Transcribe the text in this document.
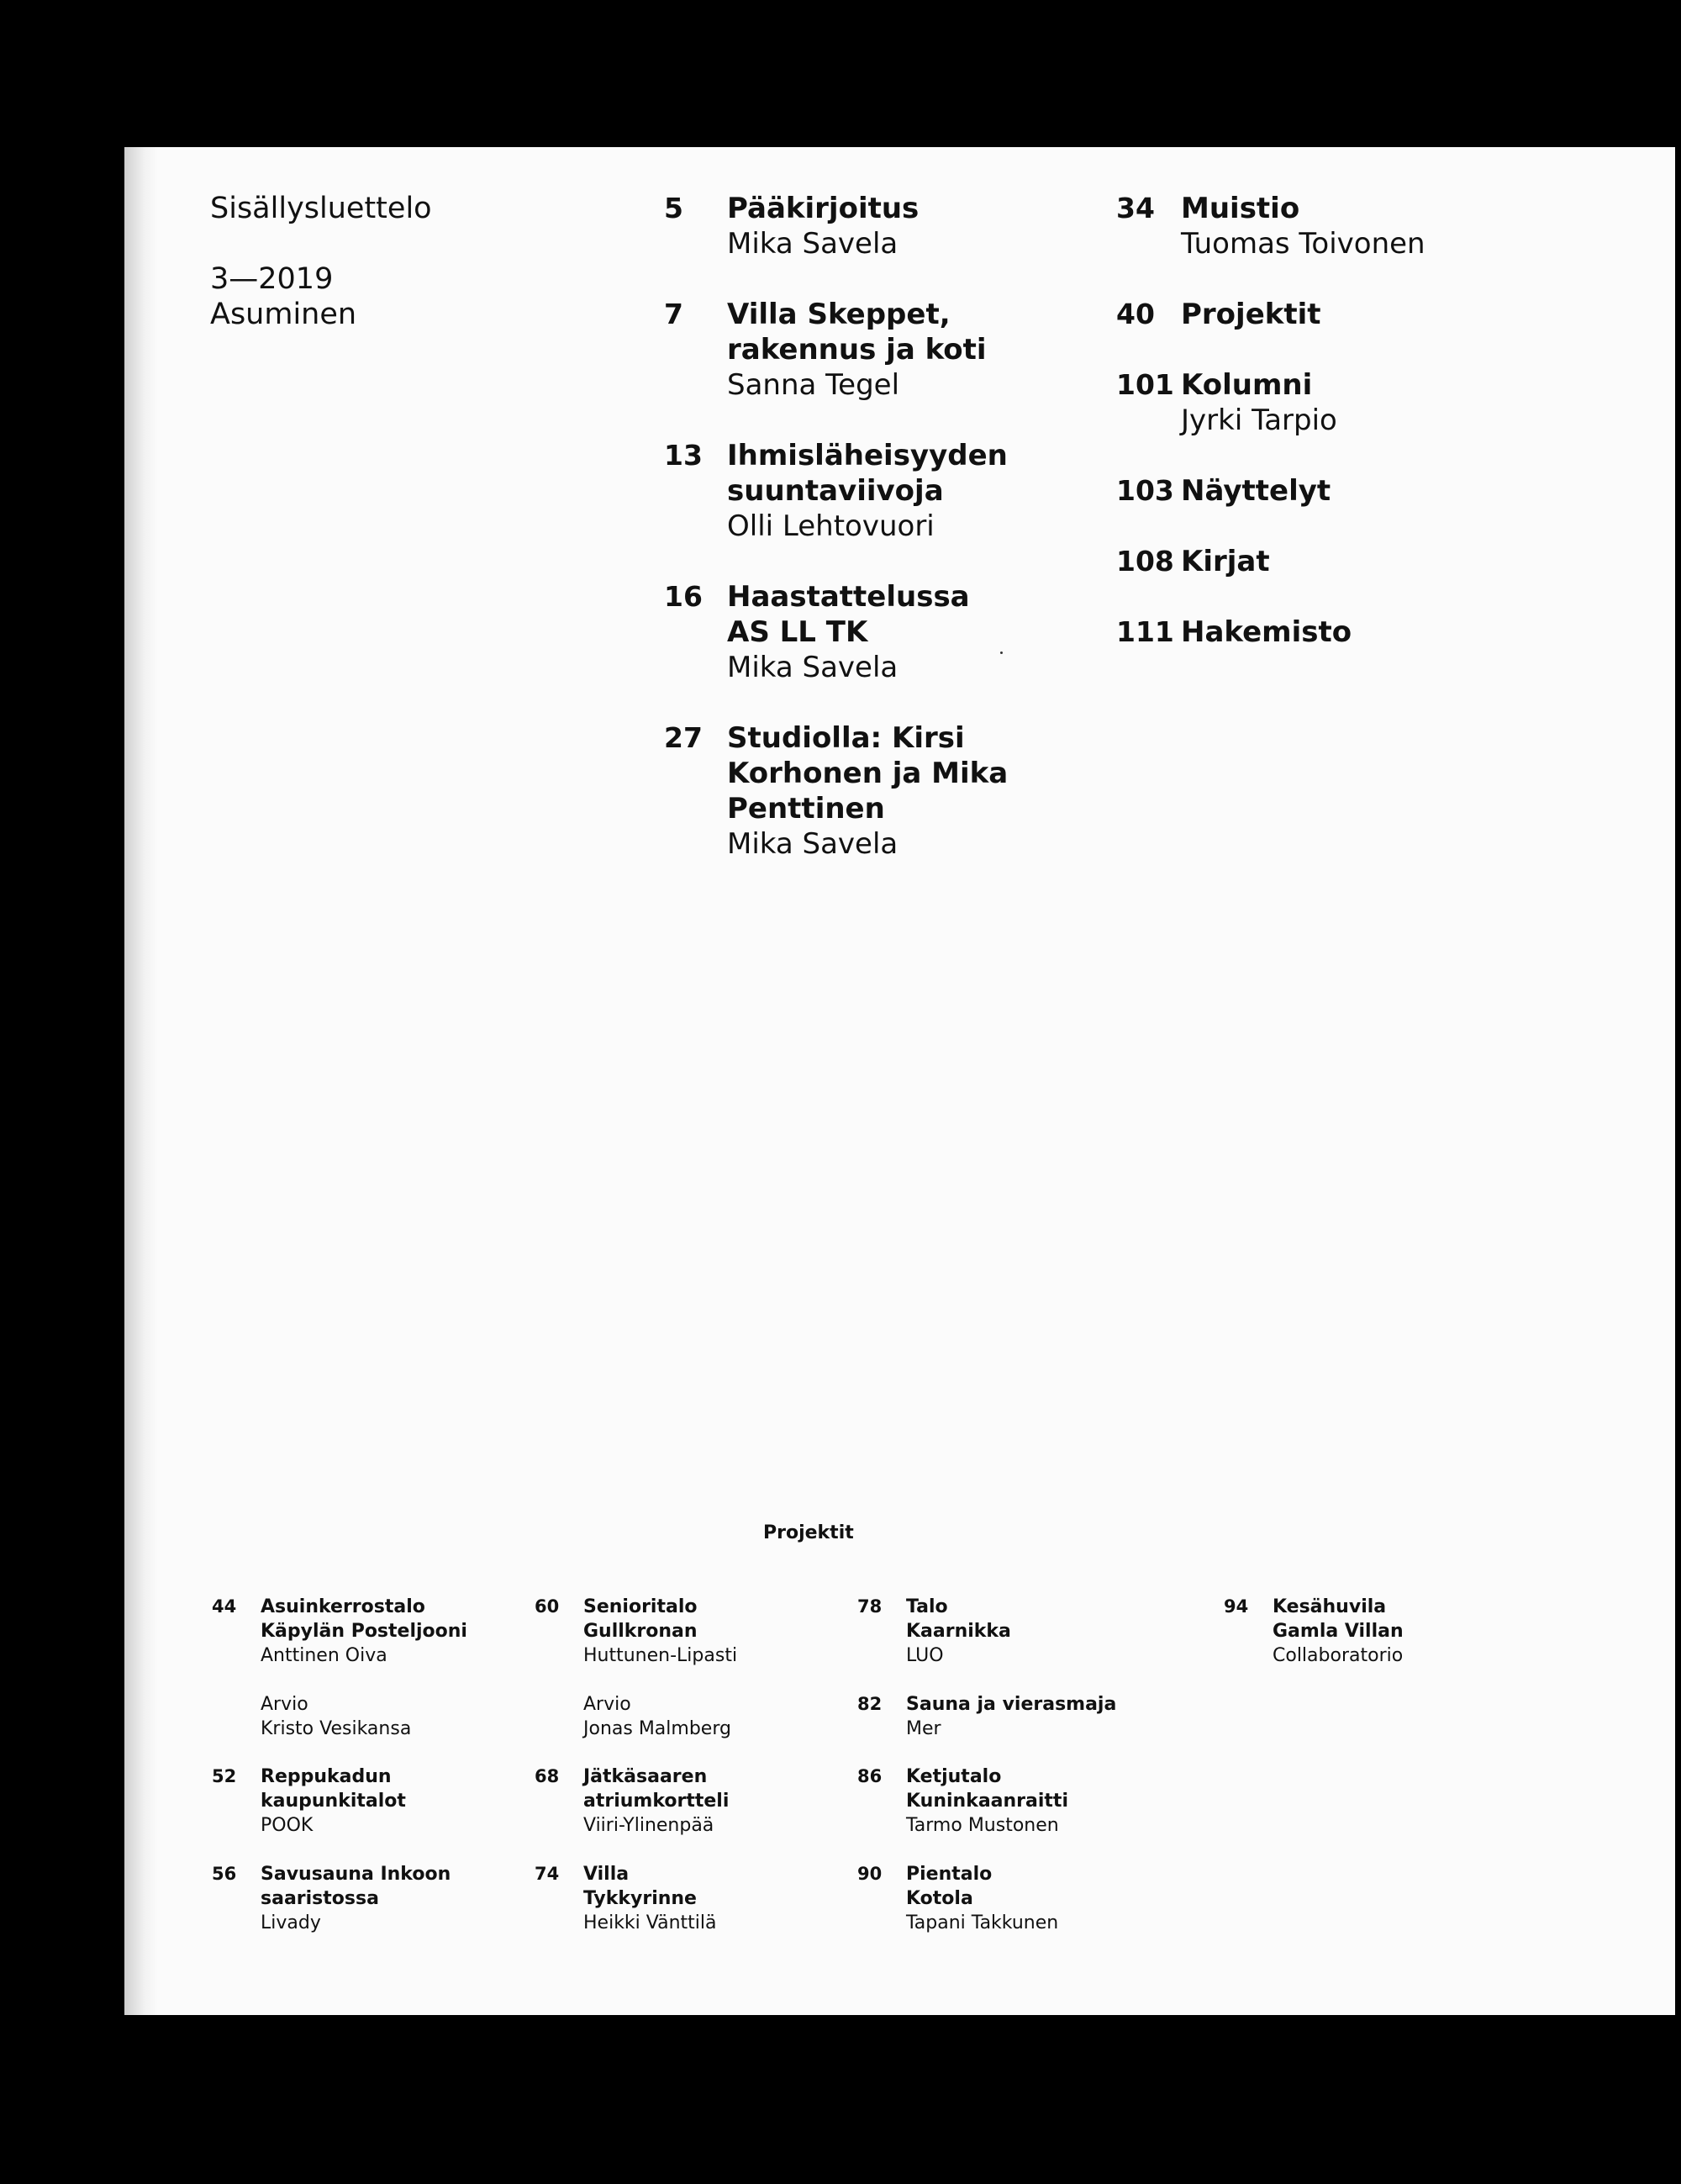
Sisällysluettelo
3—2019
Asuminen
5	Pääkirjoitus
Mika Savela
7	Villa Skeppet, rakennus ja koti
Sanna Tegel
13 Ihmisläheisyyden suuntaviivoja
Olli Lehtovuori
16 Haastattelussa AS LL TK
Mika Savela
27 Studiolla: Kirsi Korhonen ja Mika Penttinen
Mika Savela
34 Muistio
Tuomas Toivonen
40 Projektit
101 Kolumni
Jyrki Tarpio
103 Näyttelyt
108 Kirjat
111 Hakemisto
Projektit
44	Asuinkerrostalo
Käpylän Posteljooni
Anttinen Oiva
Arvio
Kristo Vesikansa
52	Reppukadun
kaupunkitalot
POOK
56	Savusauna Inkoon
saaristossa
Livady
60	Senioritalo
Gullkronan
Huttunen-Lipasti
Arvio
Jonas Malmberg
68	Jätkäsaaren
atriumkortteli
Viiri-Ylinenpää
74	Villa
Tykkyrinne
Heikki Vänttilä
78	Talo
Kaarnikka
LUO
82	Sauna ja vierasmaja
Mer
86	Ketjutalo
Kuninkaanraitti
Tarmo Mustonen
90	Pientalo
Kotola
Tapani Takkunen
94	Kesähuvila
Gamla Villan
Collaboratorio
